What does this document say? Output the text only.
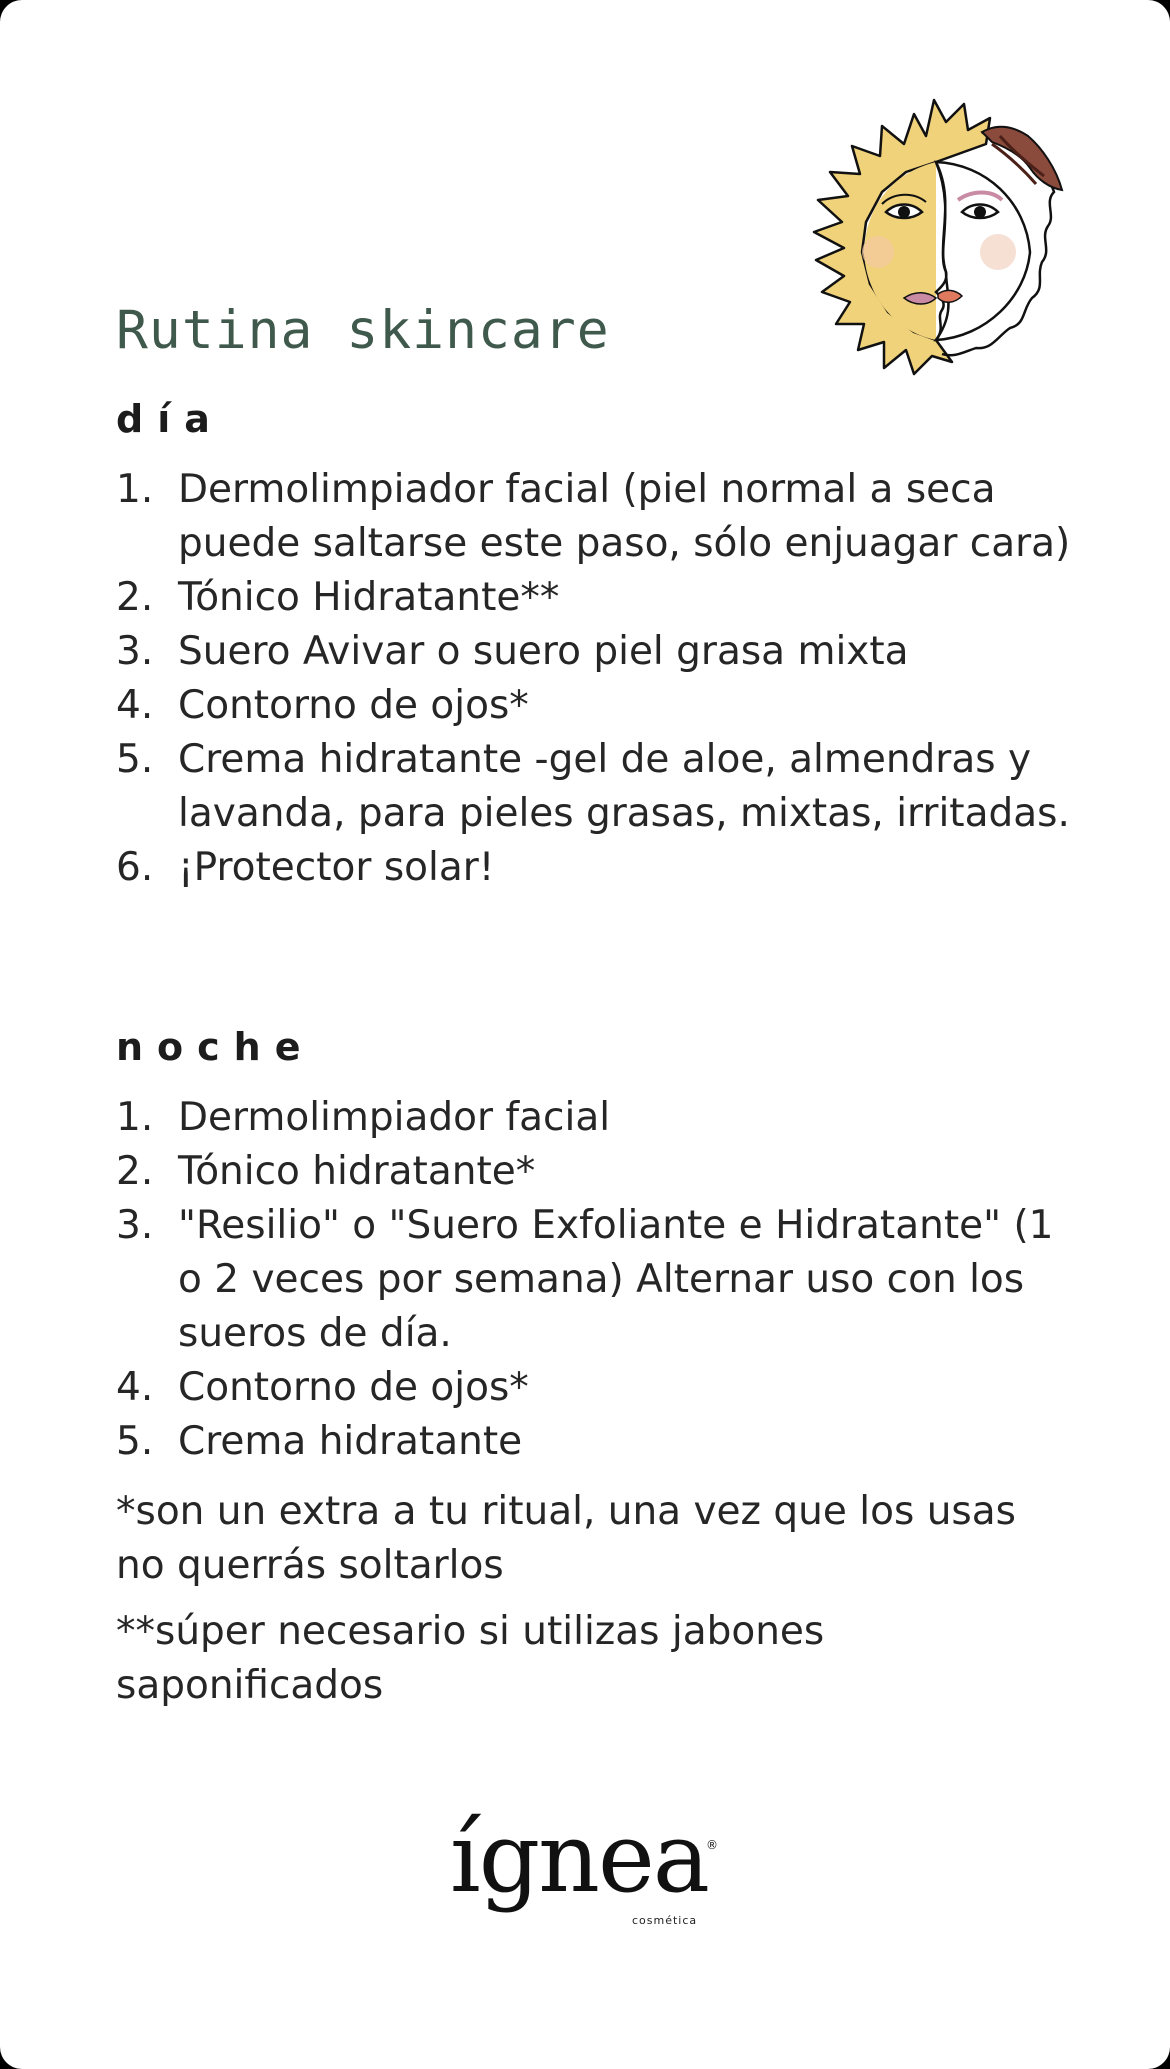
Rutina skincare
día
1. Dermolimpiador facial (piel normal a seca puede saltarse este paso, sólo enjuagar cara)
2. Tónico Hidratante**
3. Suero Avivar o suero piel grasa mixta
4. Contorno de ojos*
5. Crema hidratante -gel de aloe, almendras y lavanda, para pieles grasas, mixtas, irritadas.
6. ¡Protector solar!
noche
1. Dermolimpiador facial
2. Tónico hidratante*
3. "Resilio" o "Suero Exfoliante e Hidratante" (1 o 2 veces por semana) Alternar uso con los sueros de día.
4. Contorno de ojos*
5. Crema hidratante

*son un extra a tu ritual, una vez que los usas no querrás soltarlos

**súper necesario si utilizas jabones saponificados

ígnea
®
cosmética
